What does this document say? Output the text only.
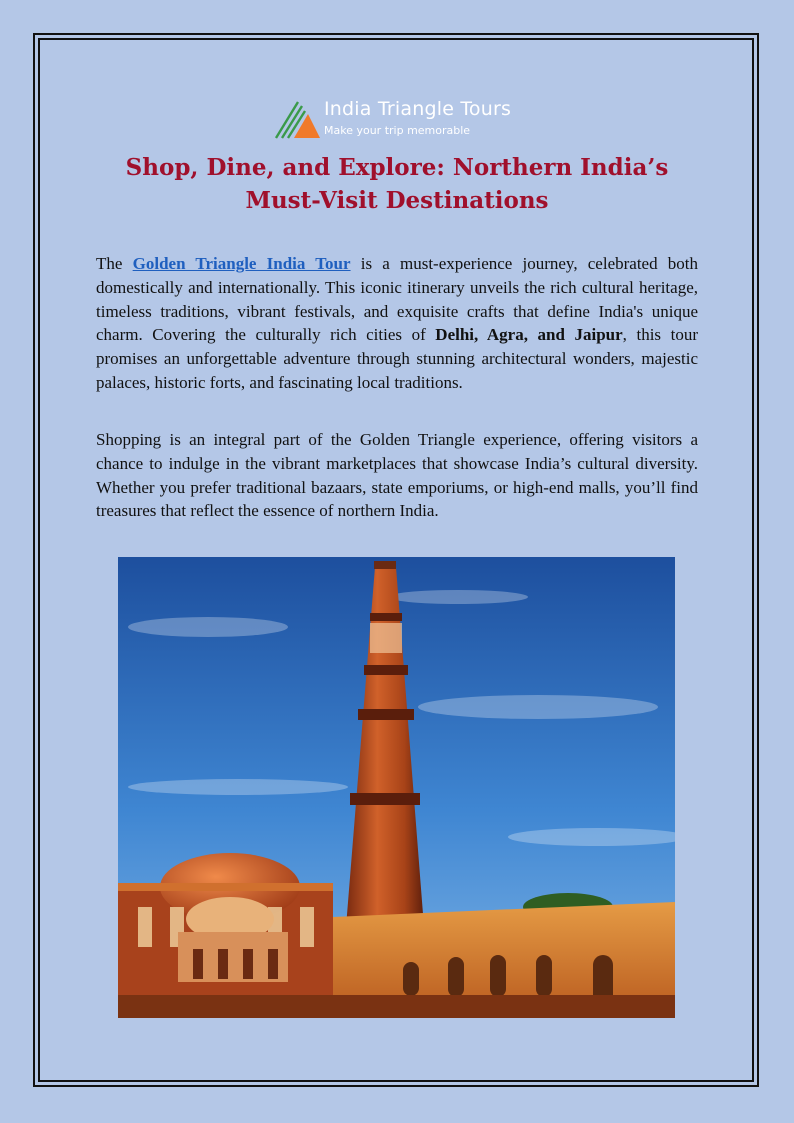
India Triangle Tours
Make your trip memorable
Shop, Dine, and Explore: Northern India’s Must-Visit Destinations

The Golden Triangle India Tour is a must-experience journey, celebrated both domestically and internationally. This iconic itinerary unveils the rich cultural heritage, timeless traditions, vibrant festivals, and exquisite crafts that define India's unique charm. Covering the culturally rich cities of Delhi, Agra, and Jaipur, this tour promises an unforgettable adventure through stunning architectural wonders, majestic palaces, historic forts, and fascinating local traditions.

Shopping is an integral part of the Golden Triangle experience, offering visitors a chance to indulge in the vibrant marketplaces that showcase India’s cultural diversity. Whether you prefer traditional bazaars, state emporiums, or high-end malls, you’ll find treasures that reflect the essence of northern India.
